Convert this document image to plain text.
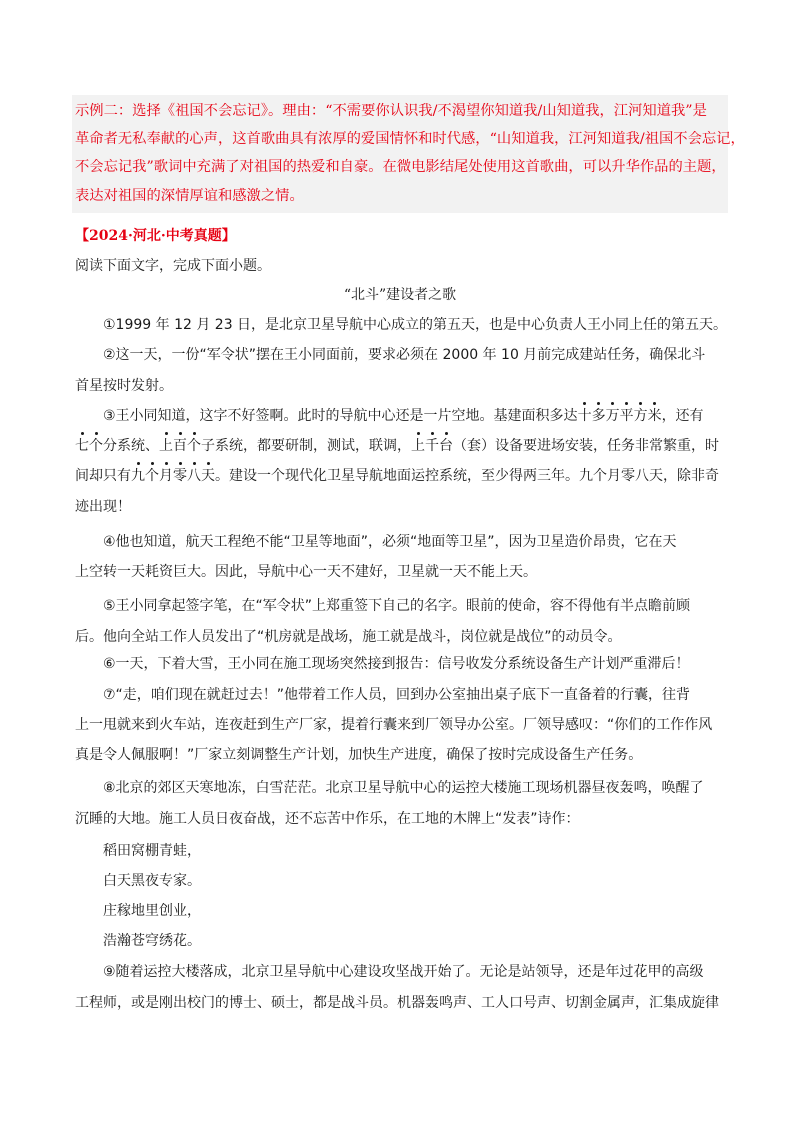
示例二：选择《祖国不会忘记》。理由：“不需要你认识我/不渴望你知道我/山知道我，江河知道我”是
革命者无私奉献的心声，这首歌曲具有浓厚的爱国情怀和时代感，“山知道我，江河知道我/祖国不会忘记，
不会忘记我”歌词中充满了对祖国的热爱和自豪。在微电影结尾处使用这首歌曲，可以升华作品的主题，
表达对祖国的深情厚谊和感激之情。
【2024·河北·中考真题】
阅读下面文字，完成下面小题。
“北斗”建设者之歌
①1999 年 12 月 23 日，是北京卫星导航中心成立的第五天，也是中心负责人王小同上任的第五天。
②这一天，一份“军令状”摆在王小同面前，要求必须在 2000 年 10 月前完成建站任务，确保北斗
首星按时发射。
③王小同知道，这字不好签啊。此时的导航中心还是一片空地。基建面积多达十多万平方米，还有
七个分系统、上百个子系统，都要研制，测试，联调，上千台（套）设备要进场安装，任务非常繁重，时
间却只有九个月零八天。建设一个现代化卫星导航地面运控系统，至少得两三年。九个月零八天，除非奇
迹出现！
④他也知道，航天工程绝不能“卫星等地面”，必须“地面等卫星”，因为卫星造价昂贵，它在天
上空转一天耗资巨大。因此，导航中心一天不建好，卫星就一天不能上天。
⑤王小同拿起签字笔，在“军令状”上郑重签下自己的名字。眼前的使命，容不得他有半点瞻前顾
后。他向全站工作人员发出了“机房就是战场，施工就是战斗，岗位就是战位”的动员令。
⑥一天，下着大雪，王小同在施工现场突然接到报告：信号收发分系统设备生产计划严重滞后！
⑦“走，咱们现在就赶过去！”他带着工作人员，回到办公室抽出桌子底下一直备着的行囊，往背
上一甩就来到火车站，连夜赶到生产厂家，提着行囊来到厂领导办公室。厂领导感叹：“你们的工作作风
真是令人佩服啊！”厂家立刻调整生产计划，加快生产进度，确保了按时完成设备生产任务。
⑧北京的郊区天寒地冻，白雪茫茫。北京卫星导航中心的运控大楼施工现场机器昼夜轰鸣，唤醒了
沉睡的大地。施工人员日夜奋战，还不忘苦中作乐，在工地的木牌上“发表”诗作：
稻田窝棚青蛙，
白天黑夜专家。
庄稼地里创业，
浩瀚苍穹绣花。
⑨随着运控大楼落成，北京卫星导航中心建设攻坚战开始了。无论是站领导，还是年过花甲的高级
工程师，或是刚出校门的博士、硕士，都是战斗员。机器轰鸣声、工人口号声、切割金属声，汇集成旋律
